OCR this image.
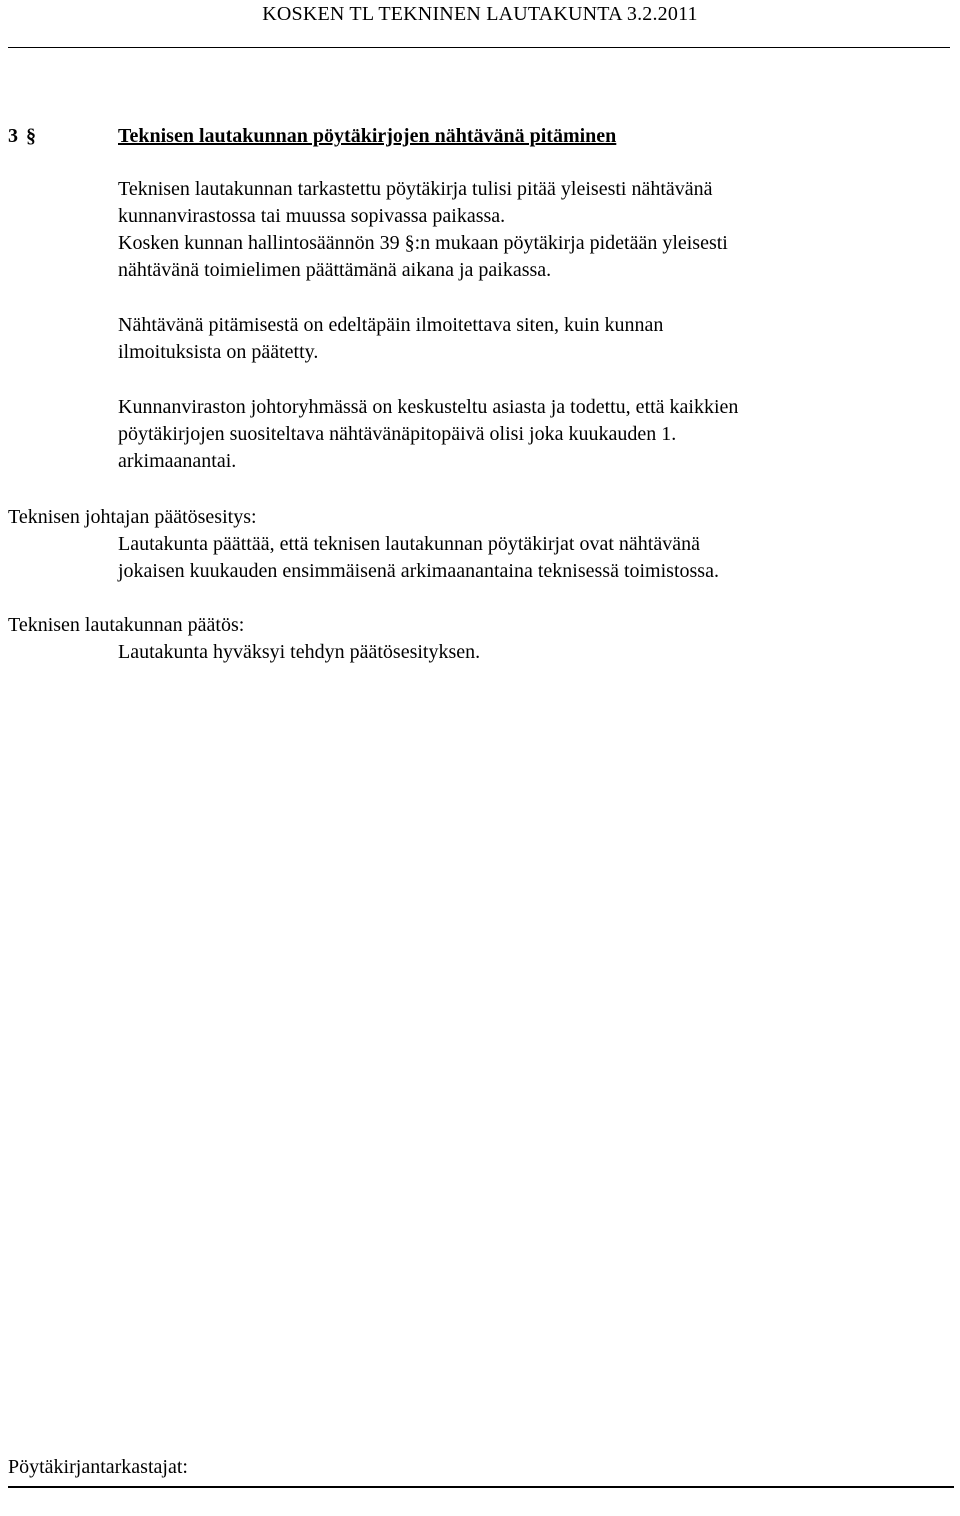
KOSKEN TL TEKNINEN LAUTAKUNTA 3.2.2011
3 §	Teknisen lautakunnan pöytäkirjojen nähtävänä pitäminen
Teknisen lautakunnan tarkastettu pöytäkirja tulisi pitää yleisesti nähtävänä
kunnanvirastossa tai muussa sopivassa paikassa.
Kosken kunnan hallintosäännön 39 §:n mukaan pöytäkirja pidetään yleisesti
nähtävänä toimielimen päättämänä aikana ja paikassa.
Nähtävänä pitämisestä on edeltäpäin ilmoitettava siten, kuin kunnan
ilmoituksista on päätetty.
Kunnanviraston johtoryhmässä on keskusteltu asiasta ja todettu, että kaikkien
pöytäkirjojen suositeltava nähtävänäpitopäivä olisi joka kuukauden 1.
arkimaanantai.
Teknisen johtajan päätösesitys:
Lautakunta päättää, että teknisen lautakunnan pöytäkirjat ovat nähtävänä
jokaisen kuukauden ensimmäisenä arkimaanantaina teknisessä toimistossa.
Teknisen lautakunnan päätös:
Lautakunta hyväksyi tehdyn päätösesityksen.
Pöytäkirjantarkastajat:
